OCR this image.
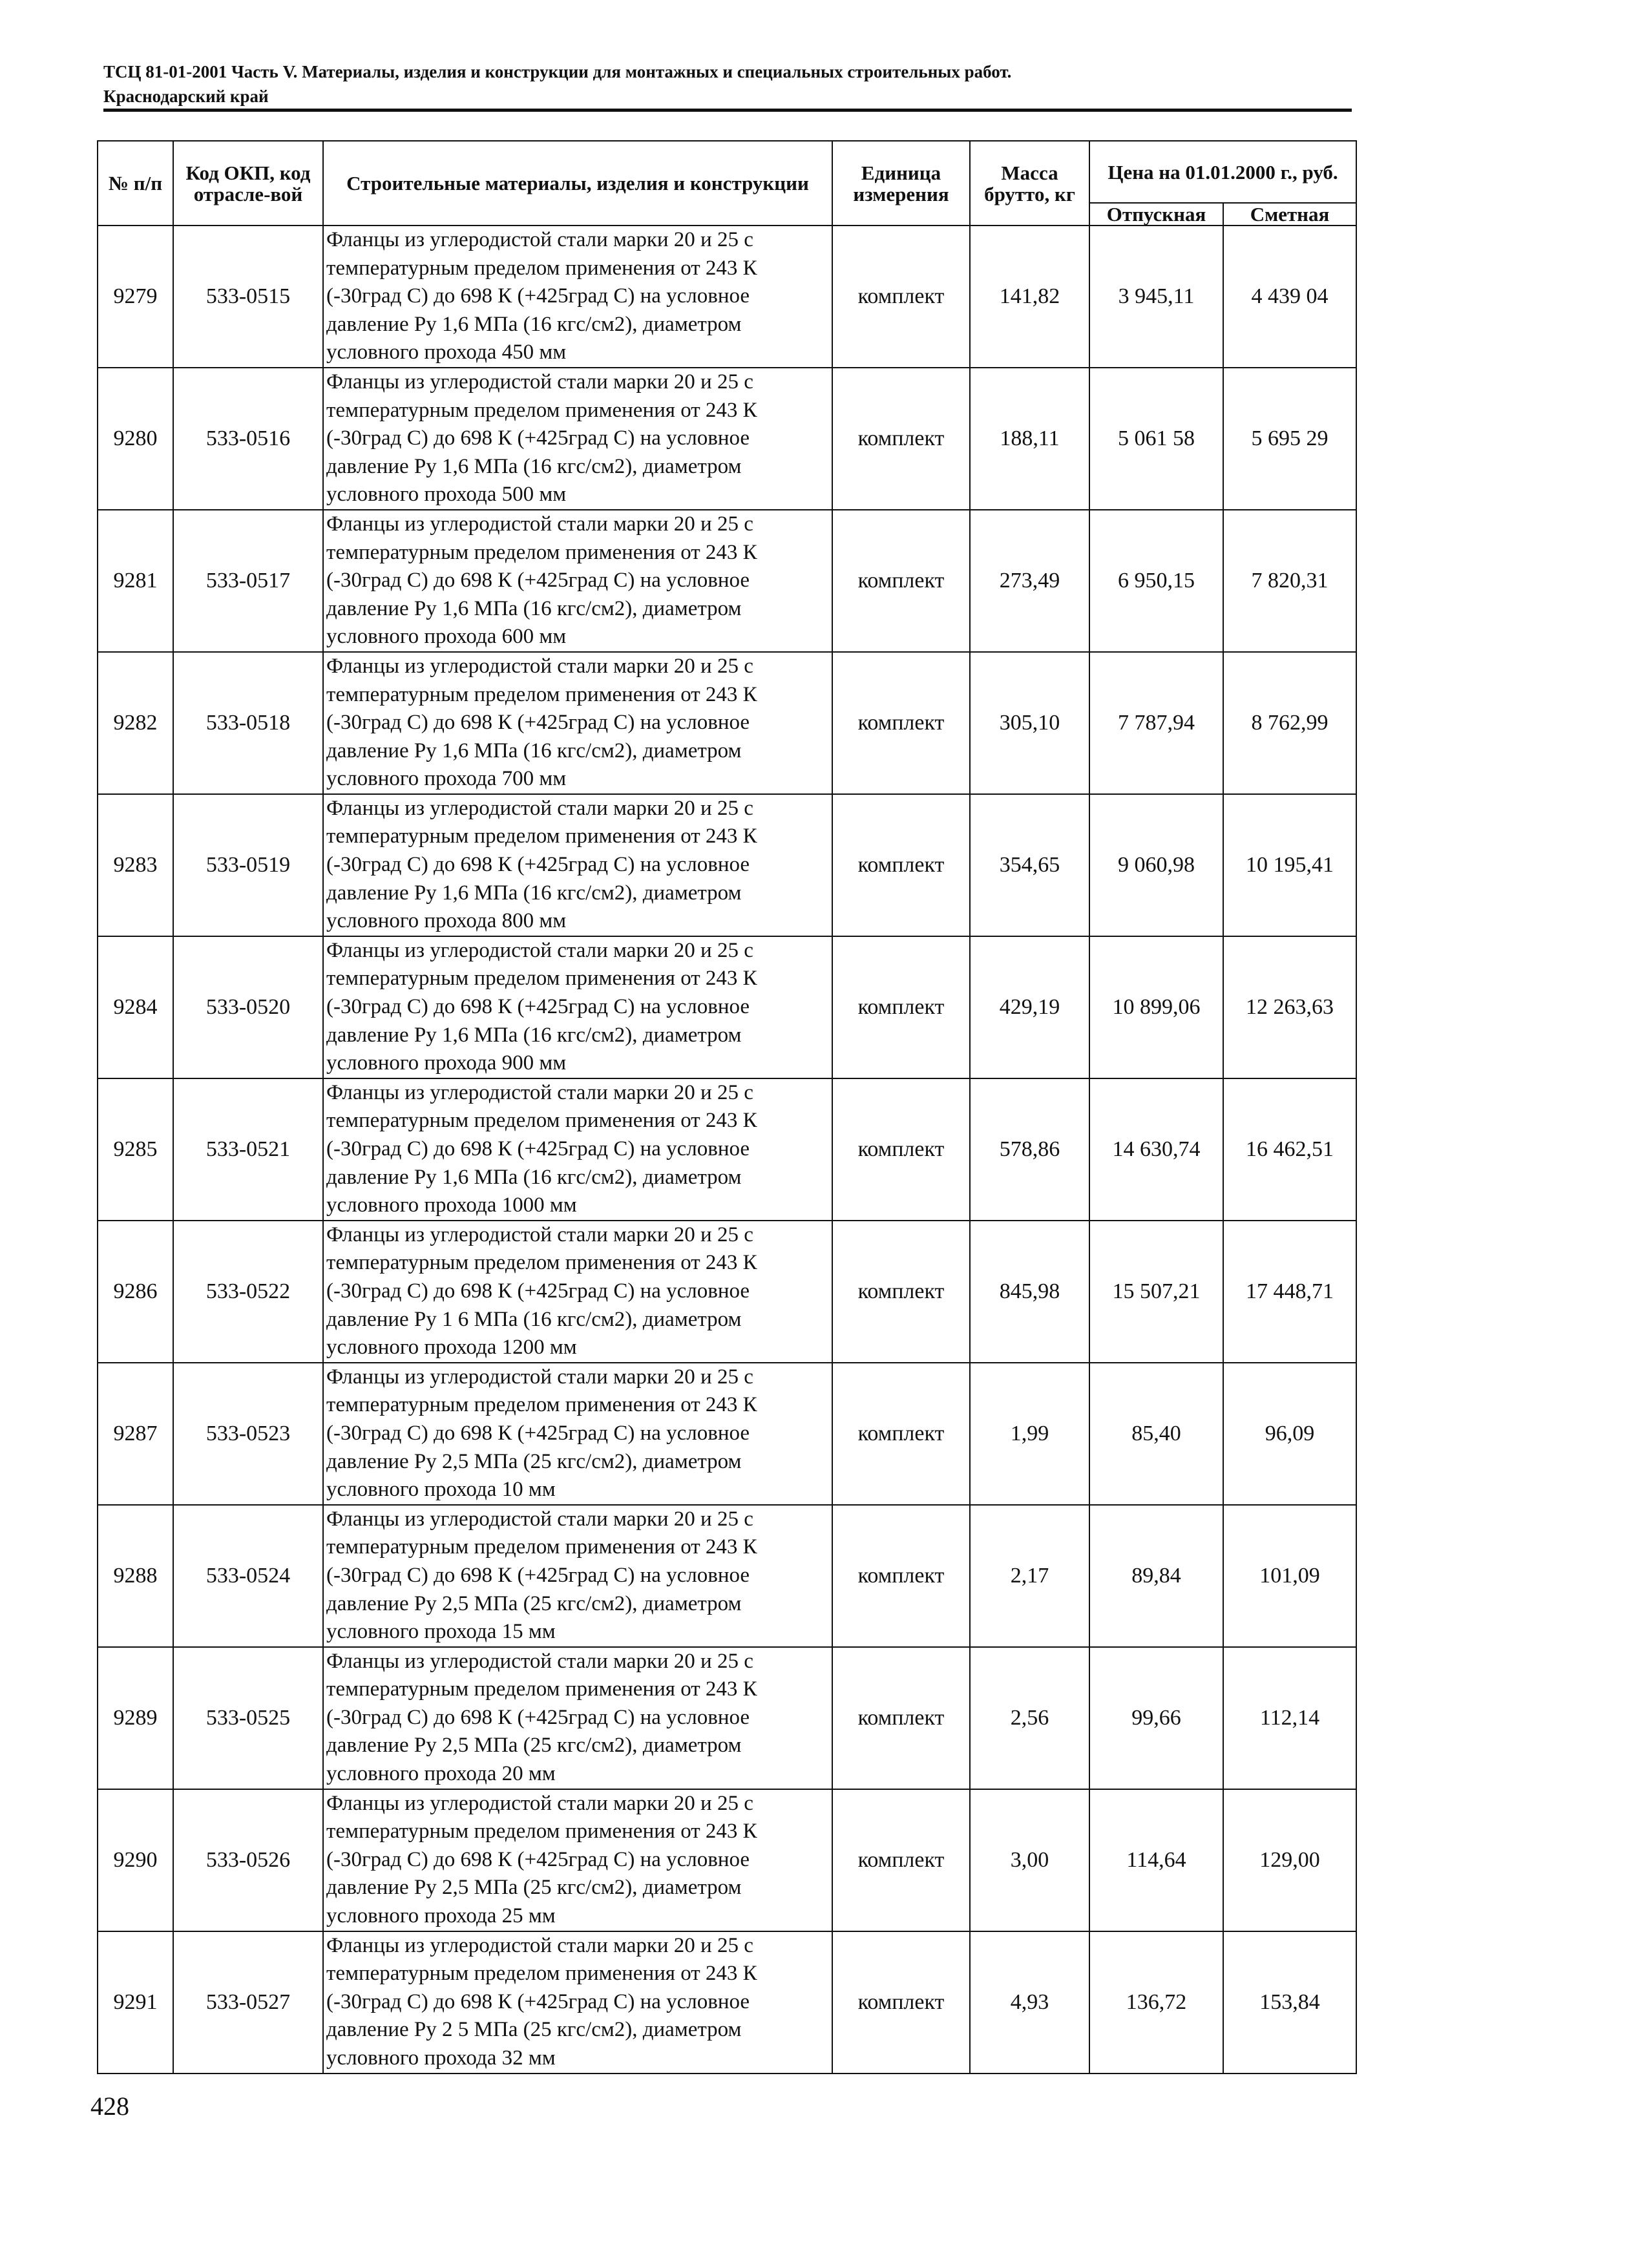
ТСЦ 81-01-2001 Часть V. Материалы, изделия и конструкции для монтажных и специальных строительных работ.
Краснодарский край
№ п/п	Код ОКП, код отрасле-вой	Строительные материалы, изделия и конструкции	Единица измерения	Масса брутто, кг	Цена на 01.01.2000 г., руб.	
					Отпускная	Сметная
9279	533-0515	Фланцы из углеродистой стали марки 20 и 25 с температурным пределом применения от 243 К (-30град С) до 698 К (+425град С) на условное давление Ру 1,6 МПа (16 кгс/см2), диаметром условного прохода 450 мм	комплект	141,82	3 945,11	4 439 04
9280	533-0516	Фланцы из углеродистой стали марки 20 и 25 с температурным пределом применения от 243 К (-30град С) до 698 К (+425град С) на условное давление Ру 1,6 МПа (16 кгс/см2), диаметром условного прохода 500 мм	комплект	188,11	5 061 58	5 695 29
9281	533-0517	Фланцы из углеродистой стали марки 20 и 25 с температурным пределом применения от 243 К (-30град С) до 698 К (+425град С) на условное давление Ру 1,6 МПа (16 кгс/см2), диаметром условного прохода 600 мм	комплект	273,49	6 950,15	7 820,31
9282	533-0518	Фланцы из углеродистой стали марки 20 и 25 с температурным пределом применения от 243 К (-30град С) до 698 К (+425град С) на условное давление Ру 1,6 МПа (16 кгс/см2), диаметром условного прохода 700 мм	комплект	305,10	7 787,94	8 762,99
9283	533-0519	Фланцы из углеродистой стали марки 20 и 25 с температурным пределом применения от 243 К (-30град С) до 698 К (+425град С) на условное давление Ру 1,6 МПа (16 кгс/см2), диаметром условного прохода 800 мм	комплект	354,65	9 060,98	10 195,41
9284	533-0520	Фланцы из углеродистой стали марки 20 и 25 с температурным пределом применения от 243 К (-30град С) до 698 К (+425град С) на условное давление Ру 1,6 МПа (16 кгс/см2), диаметром условного прохода 900 мм	комплект	429,19	10 899,06	12 263,63
9285	533-0521	Фланцы из углеродистой стали марки 20 и 25 с температурным пределом применения от 243 К (-30град С) до 698 К (+425град С) на условное давление Ру 1,6 МПа (16 кгс/см2), диаметром условного прохода 1000 мм	комплект	578,86	14 630,74	16 462,51
9286	533-0522	Фланцы из углеродистой стали марки 20 и 25 с температурным пределом применения от 243 К (-30град С) до 698 К (+425град С) на условное давление Ру 1 6 МПа (16 кгс/см2), диаметром условного прохода 1200 мм	комплект	845,98	15 507,21	17 448,71
9287	533-0523	Фланцы из углеродистой стали марки 20 и 25 с температурным пределом применения от 243 К (-30град С) до 698 К (+425град С) на условное давление Ру 2,5 МПа (25 кгс/см2), диаметром условного прохода 10 мм	комплект	1,99	85,40	96,09
9288	533-0524	Фланцы из углеродистой стали марки 20 и 25 с температурным пределом применения от 243 К (-30град С) до 698 К (+425град С) на условное давление Ру 2,5 МПа (25 кгс/см2), диаметром условного прохода 15 мм	комплект	2,17	89,84	101,09
9289	533-0525	Фланцы из углеродистой стали марки 20 и 25 с температурным пределом применения от 243 К (-30град С) до 698 К (+425град С) на условное давление Ру 2,5 МПа (25 кгс/см2), диаметром условного прохода 20 мм	комплект	2,56	99,66	112,14
9290	533-0526	Фланцы из углеродистой стали марки 20 и 25 с температурным пределом применения от 243 К (-30град С) до 698 К (+425град С) на условное давление Ру 2,5 МПа (25 кгс/см2), диаметром условного прохода 25 мм	комплект	3,00	114,64	129,00
9291	533-0527	Фланцы из углеродистой стали марки 20 и 25 с температурным пределом применения от 243 К (-30град С) до 698 К (+425град С) на условное давление Ру 2 5 МПа (25 кгс/см2), диаметром условного прохода 32 мм	комплект	4,93	136,72	153,84
428
